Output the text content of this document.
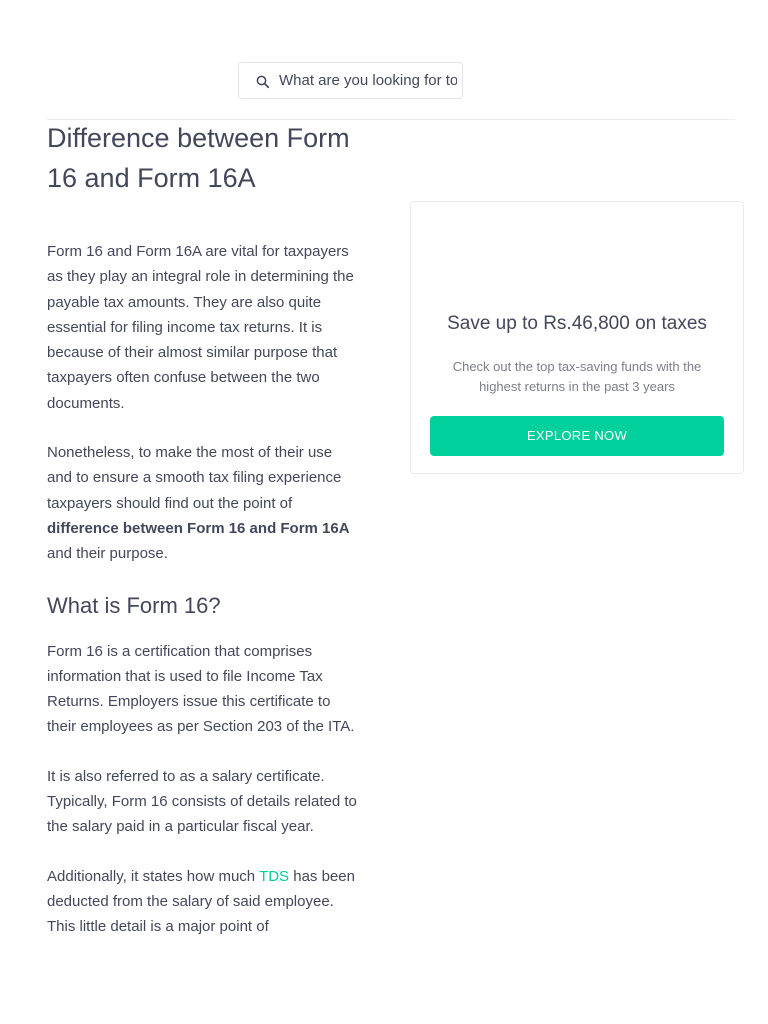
What are you looking for today?
Difference between Form 16 and Form 16A

Form 16 and Form 16A are vital for taxpayers as they play an integral role in determining the payable tax amounts. They are also quite essential for filing income tax returns. It is because of their almost similar purpose that taxpayers often confuse between the two documents.

Nonetheless, to make the most of their use and to ensure a smooth tax filing experience taxpayers should find out the point of difference between Form 16 and Form 16A and their purpose.

What is Form 16?

Form 16 is a certification that comprises information that is used to file Income Tax Returns. Employers issue this certificate to their employees as per Section 203 of the ITA.

It is also referred to as a salary certificate. Typically, Form 16 consists of details related to the salary paid in a particular fiscal year.

Additionally, it states how much TDS has been deducted from the salary of said employee. This little detail is a major point of

Save up to Rs.46,800 on taxes
Check out the top tax-saving funds with the highest returns in the past 3 years
EXPLORE NOW
